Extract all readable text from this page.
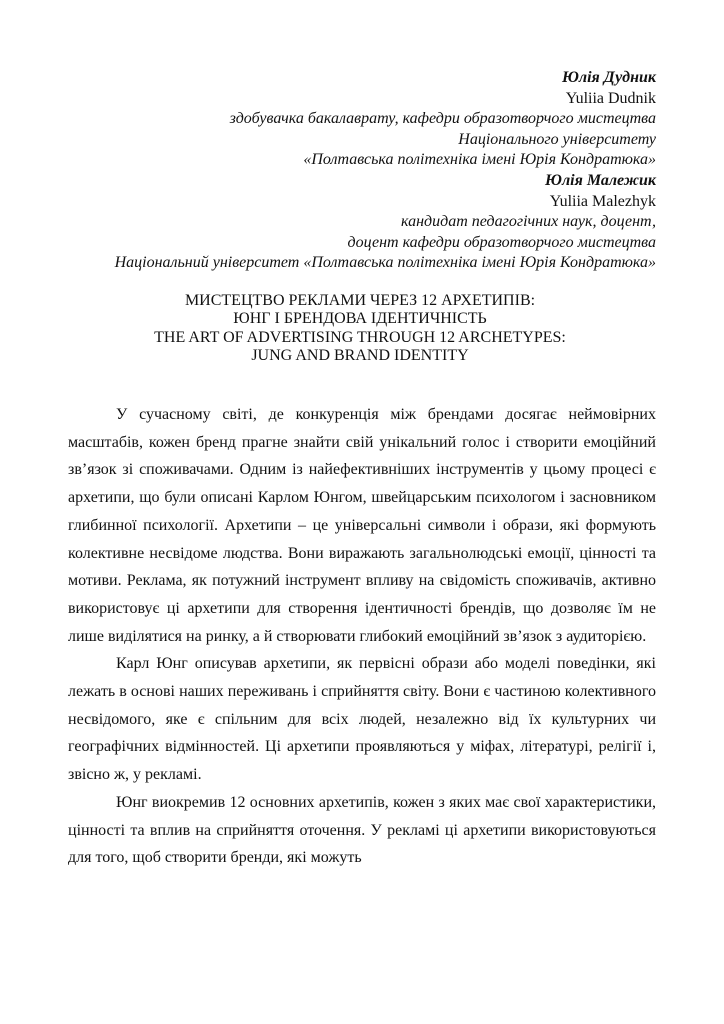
Юлія Дудник
Yuliia Dudnik
здобувачка бакалаврату, кафедри образотворчого мистецтва
Національного університету
«Полтавська політехніка імені Юрія Кондратюка»
Юлія Малежик
Yuliia Malezhyk
кандидат педагогічних наук, доцент,
доцент кафедри образотворчого мистецтва
Національний університет «Полтавська політехніка імені Юрія Кондратюка»
МИСТЕЦТВО РЕКЛАМИ ЧЕРЕЗ 12 АРХЕТИПІВ:
ЮНГ І БРЕНДОВА ІДЕНТИЧНІСТЬ
THE ART OF ADVERTISING THROUGH 12 ARCHETYPES:
JUNG AND BRAND IDENTITY

У сучасному світі, де конкуренція між брендами досягає неймовірних масштабів, кожен бренд прагне знайти свій унікальний голос і створити емоційний зв’язок зі споживачами. Одним із найефективніших інструментів у цьому процесі є архетипи, що були описані Карлом Юнгом, швейцарським психологом і засновником глибинної психології. Архетипи – це універсальні символи і образи, які формують колективне несвідоме людства. Вони виражають загальнолюдські емоції, цінності та мотиви. Реклама, як потужний інструмент впливу на свідомість споживачів, активно використовує ці архетипи для створення ідентичності брендів, що дозволяє їм не лише виділятися на ринку, а й створювати глибокий емоційний зв’язок з аудиторією.

Карл Юнг описував архетипи, як первісні образи або моделі поведінки, які лежать в основі наших переживань і сприйняття світу. Вони є частиною колективного несвідомого, яке є спільним для всіх людей, незалежно від їх культурних чи географічних відмінностей. Ці архетипи проявляються у міфах, літературі, релігії і, звісно ж, у рекламі.

Юнг виокремив 12 основних архетипів, кожен з яких має свої характеристики, цінності та вплив на сприйняття оточення. У рекламі ці архетипи використовуються для того, щоб створити бренди, які можуть
